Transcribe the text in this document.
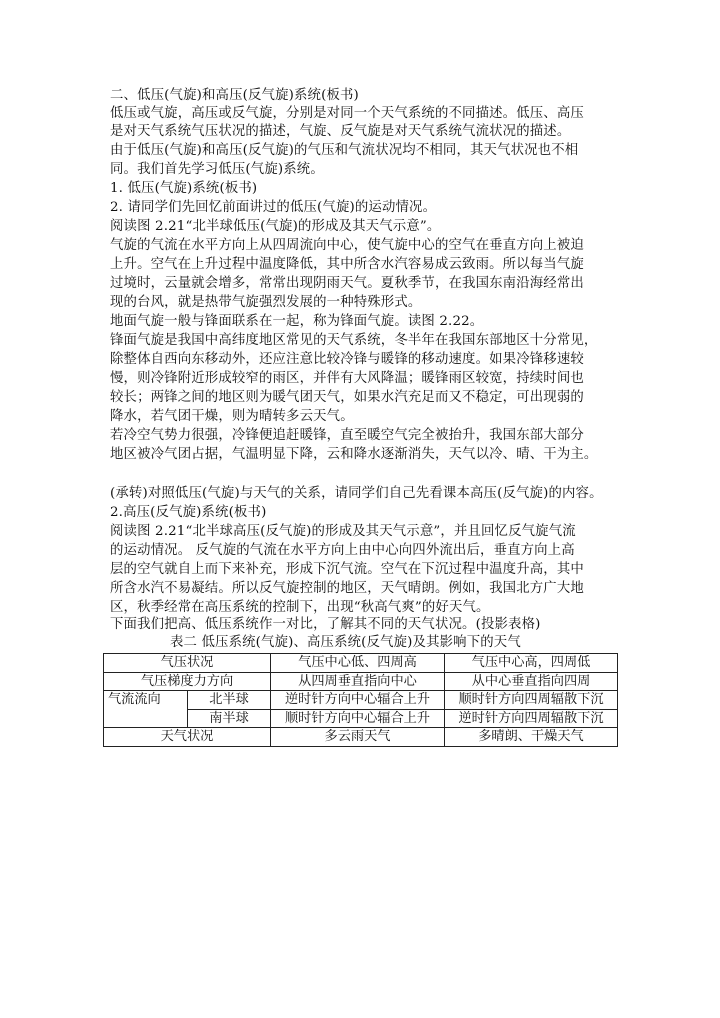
二、低压(气旋)和高压(反气旋)系统(板书)
低压或气旋，高压或反气旋，分别是对同一个天气系统的不同描述。低压、高压
是对天气系统气压状况的描述，气旋、反气旋是对天气系统气流状况的描述。
由于低压(气旋)和高压(反气旋)的气压和气流状况均不相同，其天气状况也不相
同。我们首先学习低压(气旋)系统。
1. 低压(气旋)系统(板书)
2. 请同学们先回忆前面讲过的低压(气旋)的运动情况。
阅读图 2.21“北半球低压(气旋)的形成及其天气示意”。
气旋的气流在水平方向上从四周流向中心，使气旋中心的空气在垂直方向上被迫
上升。空气在上升过程中温度降低，其中所含水汽容易成云致雨。所以每当气旋
过境时，云量就会增多，常常出现阴雨天气。夏秋季节，在我国东南沿海经常出
现的台风，就是热带气旋强烈发展的一种特殊形式。
地面气旋一般与锋面联系在一起，称为锋面气旋。读图 2.22。
锋面气旋是我国中高纬度地区常见的天气系统，冬半年在我国东部地区十分常见，
除整体自西向东移动外，还应注意比较冷锋与暖锋的移动速度。如果冷锋移速较
慢，则冷锋附近形成较窄的雨区，并伴有大风降温；暖锋雨区较宽，持续时间也
较长；两锋之间的地区则为暖气团天气，如果水汽充足而又不稳定，可出现弱的
降水，若气团干燥，则为晴转多云天气。
若冷空气势力很强，冷锋便追赶暖锋，直至暖空气完全被抬升，我国东部大部分
地区被冷气团占据，气温明显下降，云和降水逐渐消失，天气以冷、晴、干为主。
(承转)对照低压(气旋)与天气的关系，请同学们自己先看课本高压(反气旋)的内容。
2.高压(反气旋)系统(板书)
阅读图 2.21“北半球高压(反气旋)的形成及其天气示意”，并且回忆反气旋气流
的运动情况。 反气旋的气流在水平方向上由中心向四外流出后，垂直方向上高
层的空气就自上而下来补充，形成下沉气流。空气在下沉过程中温度升高，其中
所含水汽不易凝结。所以反气旋控制的地区，天气晴朗。例如，我国北方广大地
区，秋季经常在高压系统的控制下，出现“秋高气爽”的好天气。
下面我们把高、低压系统作一对比，了解其不同的天气状况。(投影表格)
表二 低压系统(气旋)、高压系统(反气旋)及其影响下的天气
气压状况		气压中心低、四周高	气压中心高，四周低
气压梯度力方向		从四周垂直指向中心	从中心垂直指向四周
气流流向	北半球	逆时针方向中心辐合上升	顺时针方向四周辐散下沉
	南半球	顺时针方向中心辐合上升	逆时针方向四周辐散下沉
天气状况		多云雨天气	多晴朗、干燥天气
